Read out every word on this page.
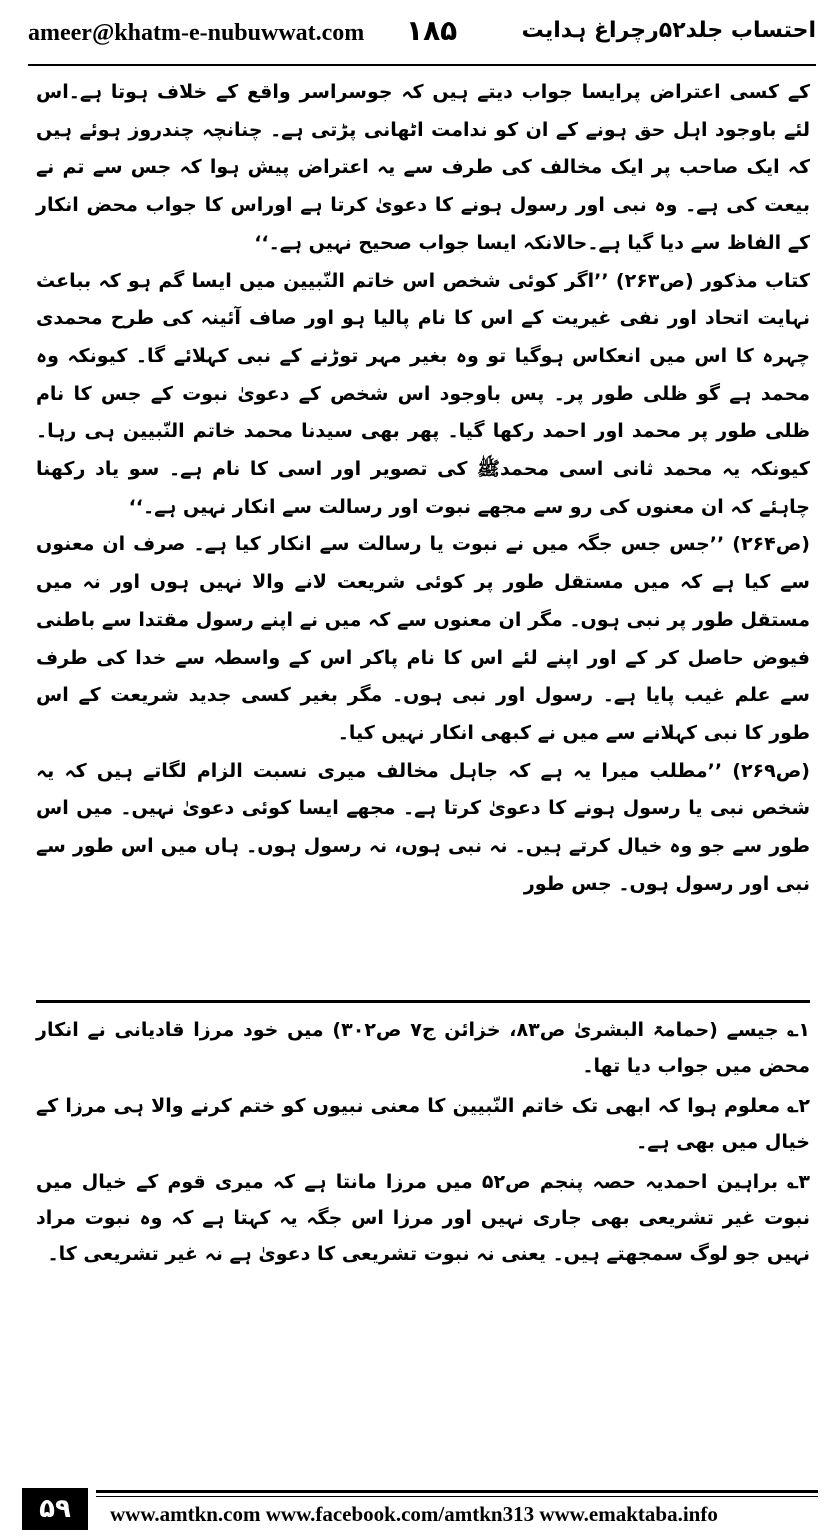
ameer@khatm-e-nubuwwat.com ۱۸۵	احتساب جلد۵۲رچراغ ہدایت

کے کسی اعتراض پرایسا جواب دیتے ہیں کہ جوسراسر واقع کے خلاف ہوتا ہے۔اس لئے باوجود اہل حق ہونے کے ان کو ندامت اٹھانی پڑتی ہے۔ چنانچہ چندروز ہوئے ہیں کہ ایک صاحب پر ایک مخالف کی طرف سے یہ اعتراض پیش ہوا کہ جس سے تم نے بیعت کی ہے۔ وہ نبی اور رسول ہونے کا دعویٰ کرتا ہے اوراس کا جواب محض انکار کے الفاظ سے دیا گیا ہے۔حالانکہ ایسا جواب صحیح نہیں ہے۔‘‘

کتاب مذکور (ص۲۶۳) ’’اگر کوئی شخص اس خاتم النّبیین میں ایسا گم ہو کہ بباعث نہایت اتحاد اور نفی غیریت کے اس کا نام پالیا ہو اور صاف آئینہ کی طرح محمدی چہرہ کا اس میں انعکاس ہوگیا تو وہ بغیر مہر توڑنے کے نبی کہلائے گا۔ کیونکہ وہ محمد ہے گو ظلی طور پر۔ پس باوجود اس شخص کے دعویٰ نبوت کے جس کا نام ظلی طور پر محمد اور احمد رکھا گیا۔ پھر بھی سیدنا محمد خاتم النّبیین ہی رہا۔ کیونکہ یہ محمد ثانی اسی محمدﷺ کی تصویر اور اسی کا نام ہے۔ سو یاد رکھنا چاہئے کہ ان معنوں کی رو سے مجھے نبوت اور رسالت سے انکار نہیں ہے۔‘‘

(ص۲۶۴) ’’جس جس جگہ میں نے نبوت یا رسالت سے انکار کیا ہے۔ صرف ان معنوں سے کیا ہے کہ میں مستقل طور پر کوئی شریعت لانے والا نہیں ہوں اور نہ میں مستقل طور پر نبی ہوں۔ مگر ان معنوں سے کہ میں نے اپنے رسول مقتدا سے باطنی فیوض حاصل کر کے اور اپنے لئے اس کا نام پاکر اس کے واسطہ سے خدا کی طرف سے علم غیب پایا ہے۔ رسول اور نبی ہوں۔ مگر بغیر کسی جدید شریعت کے اس طور کا نبی کہلانے سے میں نے کبھی انکار نہیں کیا۔

(ص۲۶۹) ’’مطلب میرا یہ ہے کہ جاہل مخالف میری نسبت الزام لگاتے ہیں کہ یہ شخص نبی یا رسول ہونے کا دعویٰ کرتا ہے۔ مجھے ایسا کوئی دعویٰ نہیں۔ میں اس طور سے جو وہ خیال کرتے ہیں۔ نہ نبی ہوں، نہ رسول ہوں۔ ہاں میں اس طور سے نبی اور رسول ہوں۔ جس طور

۱؎ جیسے (حمامۃ البشریٰ ص۸۳، خزائن ج۷ ص۳۰۲) میں خود مرزا قادیانی نے انکار محض میں جواب دیا تھا۔

۲؎ معلوم ہوا کہ ابھی تک خاتم النّبیین کا معنی نبیوں کو ختم کرنے والا ہی مرزا کے خیال میں بھی ہے۔

۳؎ براہین احمدیہ حصہ پنجم ص۵۲ میں مرزا مانتا ہے کہ میری قوم کے خیال میں نبوت غیر تشریعی بھی جاری نہیں اور مرزا اس جگہ یہ کہتا ہے کہ وہ نبوت مراد نہیں جو لوگ سمجھتے ہیں۔ یعنی نہ نبوت تشریعی کا دعویٰ ہے نہ غیر تشریعی کا۔

۵۹	www.amtkn.com www.facebook.com/amtkn313 www.emaktaba.info
